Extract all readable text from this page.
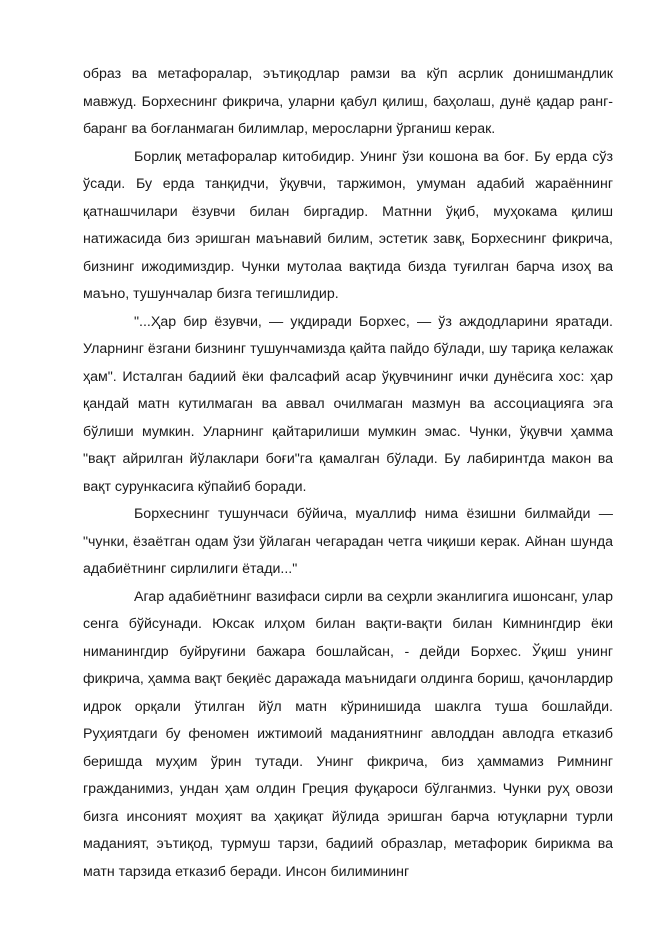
образ ва метафоралар, эътиқодлар рамзи ва кўп асрлик донишмандлик мавжуд. Борхеснинг фикрича, уларни қабул қилиш, баҳолаш, дунё қадар ранг-баранг ва боғланмаган билимлар, меросларни ўрганиш керак.

Борлиқ метафоралар китобидир. Унинг ўзи кошона ва боғ. Бу ерда сўз ўсади. Бу ерда танқидчи, ўқувчи, таржимон, умуман адабий жараённинг қатнашчилари ёзувчи билан биргадир. Матнни ўқиб, муҳокама қилиш натижасида биз эришган маънавий билим, эстетик завқ, Борхеснинг фикрича, бизнинг ижодимиздир. Чунки мутолаа вақтида бизда туғилган барча изоҳ ва маъно, тушунчалар бизга тегишлидир.

"...Ҳар бир ёзувчи, — уқдиради Борхес, — ўз аждодларини яратади. Уларнинг ёзгани бизнинг тушунчамизда қайта пайдо бўлади, шу тариқа келажак ҳам". Исталган бадиий ёки фалсафий асар ўқувчининг ички дунёсига хос: ҳар қандай матн кутилмаган ва аввал очилмаган мазмун ва ассоциацияга эга бўлиши мумкин. Уларнинг қайтарилиши мумкин эмас. Чунки, ўқувчи ҳамма "вақт айрилган йўлаклари боғи"га қамалган бўлади. Бу лабиринтда макон ва вақт сурункасига кўпайиб боради.

Борхеснинг тушунчаси бўйича, муаллиф нима ёзишни билмайди — "чунки, ёзаётган одам ўзи ўйлаган чегарадан четга чиқиши керак. Айнан шунда адабиётнинг сирлилиги ётади..."

Агар адабиётнинг вазифаси сирли ва сеҳрли эканлигига ишонсанг, улар сенга бўйсунади. Юксак илҳом билан вақти-вақти билан Кимнингдир ёки ниманингдир буйруғини бажара бошлайсан, - дейди Борхес. Ўқиш унинг фикрича, ҳамма вақт беқиёс даражада маънидаги олдинга бориш, қачонлардир идрок орқали ўтилган йўл матн кўринишида шаклга туша бошлайди. Руҳиятдаги бу феномен ижтимоий маданиятнинг авлоддан авлодга етказиб беришда муҳим ўрин тутади. Унинг фикрича, биз ҳаммамиз Римнинг гражданимиз, ундан ҳам олдин Греция фуқароси бўлганмиз. Чунки руҳ овози бизга инсоният моҳият ва ҳақиқат йўлида эришган барча ютуқларни турли маданият, эътиқод, турмуш тарзи, бадиий образлар, метафорик бирикма ва матн тарзида етказиб беради. Инсон билимининг
